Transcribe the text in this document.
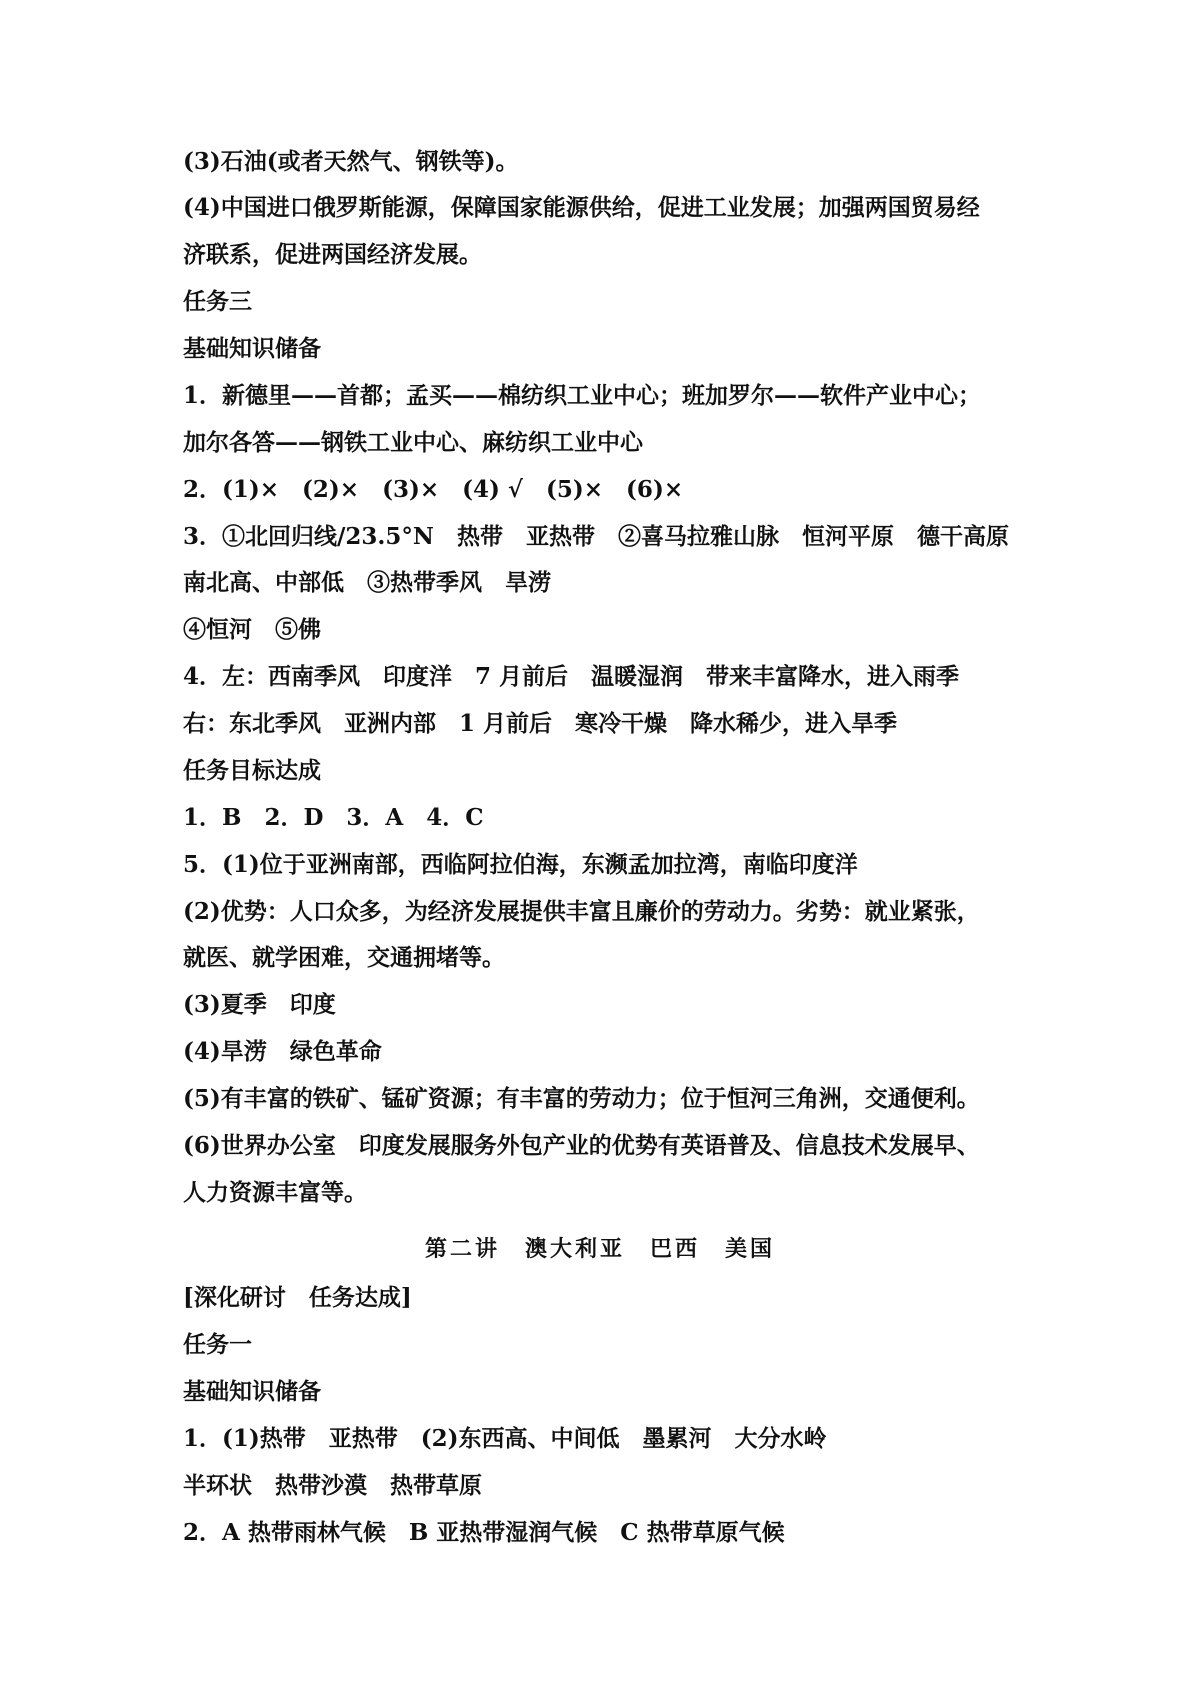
(3)石油(或者天然气、钢铁等)。
(4)中国进口俄罗斯能源，保障国家能源供给，促进工业发展；加强两国贸易经
济联系，促进两国经济发展。
任务三
基础知识储备
1．新德里——首都；孟买——棉纺织工业中心；班加罗尔——软件产业中心；
加尔各答——钢铁工业中心、麻纺织工业中心
2．(1)×　(2)×　(3)×　(4) √　(5)×　(6)×
3．①北回归线/23.5°N　热带　亚热带　②喜马拉雅山脉　恒河平原　德干高原
南北高、中部低　③热带季风　旱涝
④恒河　⑤佛
4．左：西南季风　印度洋　7 月前后　温暖湿润　带来丰富降水，进入雨季
右：东北季风　亚洲内部　1 月前后　寒冷干燥　降水稀少，进入旱季
任务目标达成
1．B　2．D　3．A　4．C
5．(1)位于亚洲南部，西临阿拉伯海，东濒孟加拉湾，南临印度洋
(2)优势：人口众多，为经济发展提供丰富且廉价的劳动力。劣势：就业紧张，
就医、就学困难，交通拥堵等。
(3)夏季　印度
(4)旱涝　绿色革命
(5)有丰富的铁矿、锰矿资源；有丰富的劳动力；位于恒河三角洲，交通便利。
(6)世界办公室　印度发展服务外包产业的优势有英语普及、信息技术发展早、
人力资源丰富等。
第二讲　澳大利亚　巴西　美国
[深化研讨　任务达成]
任务一
基础知识储备
1．(1)热带　亚热带　(2)东西高、中间低　墨累河　大分水岭
半环状　热带沙漠　热带草原
2．A 热带雨林气候　B 亚热带湿润气候　C 热带草原气候
